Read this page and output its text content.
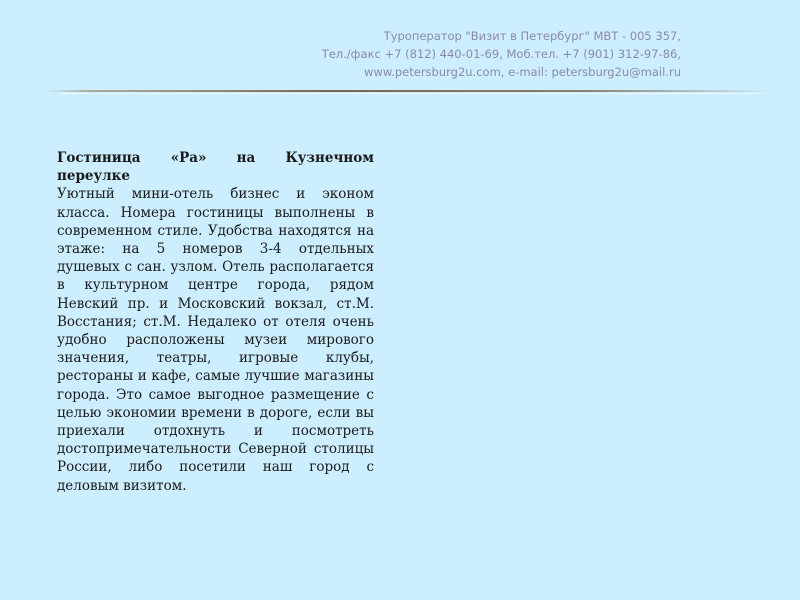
Туроператор "Визит в Петербург" МВТ - 005 357,
Тел./факс +7 (812) 440-01-69, Моб.тел. +7 (901) 312-97-86,
www.petersburg2u.com, e-mail: petersburg2u@mail.ru
Гостиница «Ра» на Кузнечном переулке
Уютный мини-отель бизнес и эконом класса. Номера гостиницы выполнены в современном стиле. Удобства находятся на этаже: на 5 номеров 3-4 отдельных душевых с сан. узлом. Отель располагается в культурном центре города, рядом Невский пр. и Московский вокзал, ст.М. Восстания; ст.М. Недалеко от отеля очень удобно расположены музеи мирового значения, театры, игровые клубы, рестораны и кафе, самые лучшие магазины города. Это самое выгодное размещение с целью экономии времени в дороге, если вы приехали отдохнуть и посмотреть достопримечательности Северной столицы России, либо посетили наш город с деловым визитом.
